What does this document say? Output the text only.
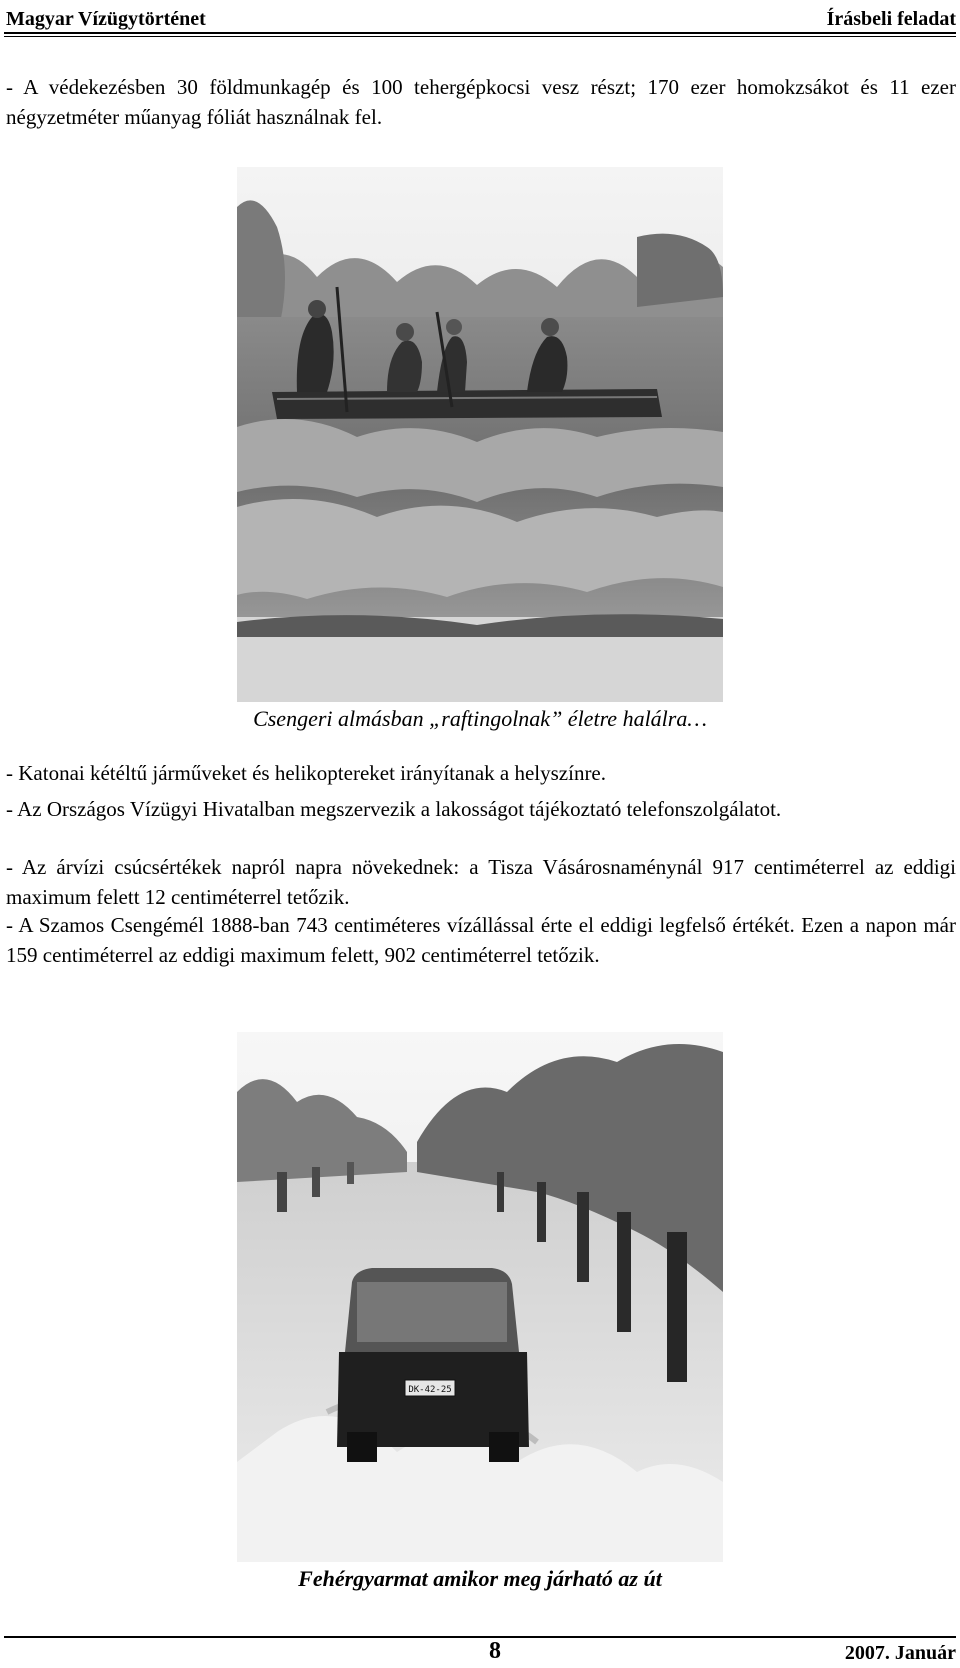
Magyar Vízügytörténet	Írásbeli feladat

- A védekezésben 30 földmunkagép és 100 tehergépkocsi vesz részt; 170 ezer homokzsákot és 11 ezer négyzetméter műanyag fóliát használnak fel.

Csengeri almásban „raftingolnak” életre halálra…

- Katonai kétéltű járműveket és helikoptereket irányítanak a helyszínre.

- Az Országos Vízügyi Hivatalban megszervezik a lakosságot tájékoztató telefonszolgálatot.

- Az árvízi csúcsértékek napról napra növekednek: a Tisza Vásárosnaménynál 917 centiméterrel az eddigi maximum felett 12 centiméterrel tetőzik.

- A Szamos Csengémél 1888-ban 743 centiméteres vízállással érte el eddigi legfelső értékét. Ezen a napon már 159 centiméterrel az eddigi maximum felett, 902 centiméterrel tetőzik.

DK-42-25
Fehérgyarmat amikor meg járható az út
8	2007. Január
